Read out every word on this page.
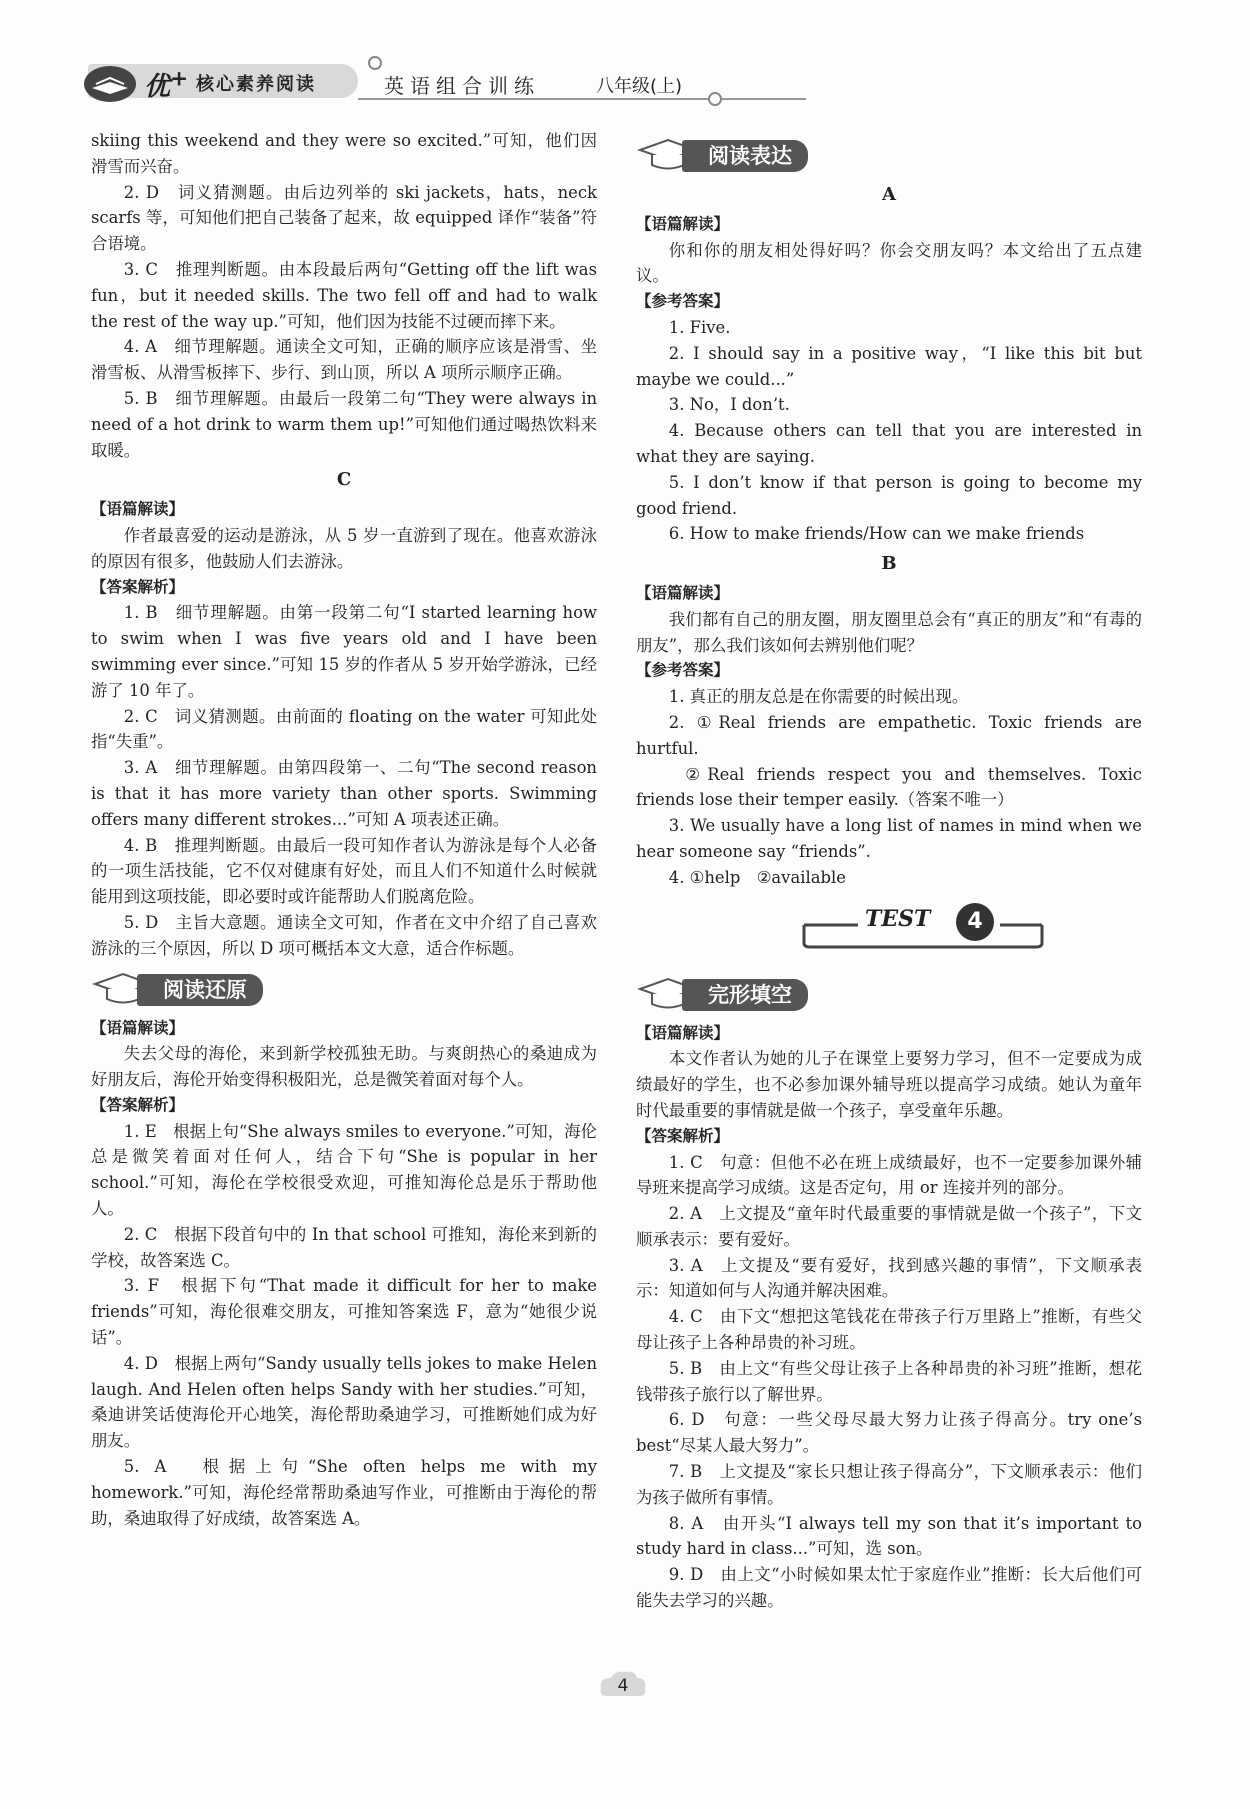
优+ 核心素养阅读	英语组合训练	八年级(上)

skiing this weekend and they were so excited.”可知，他们因滑雪而兴奋。

2. D　词义猜测题。由后边列举的 ski jackets，hats，neck scarfs 等，可知他们把自己装备了起来，故 equipped 译作“装备”符合语境。

3. C　推理判断题。由本段最后两句“Getting off the lift was fun，but it needed skills. The two fell off and had to walk the rest of the way up.”可知，他们因为技能不过硬而摔下来。

4. A　细节理解题。通读全文可知，正确的顺序应该是滑雪、坐滑雪板、从滑雪板摔下、步行、到山顶，所以 A 项所示顺序正确。

5. B　细节理解题。由最后一段第二句“They were always in need of a hot drink to warm them up!”可知他们通过喝热饮料来取暖。

C

【语篇解读】

作者最喜爱的运动是游泳，从 5 岁一直游到了现在。他喜欢游泳的原因有很多，他鼓励人们去游泳。

【答案解析】

1. B　细节理解题。由第一段第二句“I started learning how to swim when I was five years old and I have been swimming ever since.”可知 15 岁的作者从 5 岁开始学游泳，已经游了 10 年了。

2. C　词义猜测题。由前面的 floating on the water 可知此处指“失重”。

3. A　细节理解题。由第四段第一、二句“The second reason is that it has more variety than other sports. Swimming offers many different strokes...”可知 A 项表述正确。

4. B　推理判断题。由最后一段可知作者认为游泳是每个人必备的一项生活技能，它不仅对健康有好处，而且人们不知道什么时候就能用到这项技能，即必要时或许能帮助人们脱离危险。

5. D　主旨大意题。通读全文可知，作者在文中介绍了自己喜欢游泳的三个原因，所以 D 项可概括本文大意，适合作标题。

阅读还原

【语篇解读】

失去父母的海伦，来到新学校孤独无助。与爽朗热心的桑迪成为好朋友后，海伦开始变得积极阳光，总是微笑着面对每个人。

【答案解析】

1. E　根据上句“She always smiles to everyone.”可知，海伦总是微笑着面对任何人，结合下句“She is popular in her school.”可知，海伦在学校很受欢迎，可推知海伦总是乐于帮助他人。

2. C　根据下段首句中的 In that school 可推知，海伦来到新的学校，故答案选 C。

3. F　根据下句“That made it difficult for her to make friends”可知，海伦很难交朋友，可推知答案选 F，意为“她很少说话”。

4. D　根据上两句“Sandy usually tells jokes to make Helen laugh. And Helen often helps Sandy with her studies.”可知，桑迪讲笑话使海伦开心地笑，海伦帮助桑迪学习，可推断她们成为好朋友。

5. A　根据上句“She often helps me with my homework.”可知，海伦经常帮助桑迪写作业，可推断由于海伦的帮助，桑迪取得了好成绩，故答案选 A。

阅读表达

A

【语篇解读】

你和你的朋友相处得好吗？你会交朋友吗？本文给出了五点建议。

【参考答案】

1. Five.

2. I should say in a positive way，“I like this bit but maybe we could...”

3. No，I don’t.

4. Because others can tell that you are interested in what they are saying.

5. I don’t know if that person is going to become my good friend.

6. How to make friends/How can we make friends

B

【语篇解读】

我们都有自己的朋友圈，朋友圈里总会有“真正的朋友”和“有毒的朋友”，那么我们该如何去辨别他们呢？

【参考答案】

1. 真正的朋友总是在你需要的时候出现。

2. ①Real friends are empathetic. Toxic friends are hurtful.

②Real friends respect you and themselves. Toxic friends lose their temper easily.（答案不唯一）

3. We usually have a long list of names in mind when we hear someone say “friends”.

4. ①help　②available

TEST	4
完形填空

【语篇解读】

本文作者认为她的儿子在课堂上要努力学习，但不一定要成为成绩最好的学生，也不必参加课外辅导班以提高学习成绩。她认为童年时代最重要的事情就是做一个孩子，享受童年乐趣。

【答案解析】

1. C　句意：但他不必在班上成绩最好，也不一定要参加课外辅导班来提高学习成绩。这是否定句，用 or 连接并列的部分。

2. A　上文提及“童年时代最重要的事情就是做一个孩子”，下文顺承表示：要有爱好。

3. A　上文提及“要有爱好，找到感兴趣的事情”，下文顺承表示：知道如何与人沟通并解决困难。

4. C　由下文“想把这笔钱花在带孩子行万里路上”推断，有些父母让孩子上各种昂贵的补习班。

5. B　由上文“有些父母让孩子上各种昂贵的补习班”推断，想花钱带孩子旅行以了解世界。

6. D　句意：一些父母尽最大努力让孩子得高分。try one’s best“尽某人最大努力”。

7. B　上文提及“家长只想让孩子得高分”，下文顺承表示：他们为孩子做所有事情。

8. A　由开头“I always tell my son that it’s important to study hard in class...”可知，选 son。

9. D　由上文“小时候如果太忙于家庭作业”推断：长大后他们可能失去学习的兴趣。

4
